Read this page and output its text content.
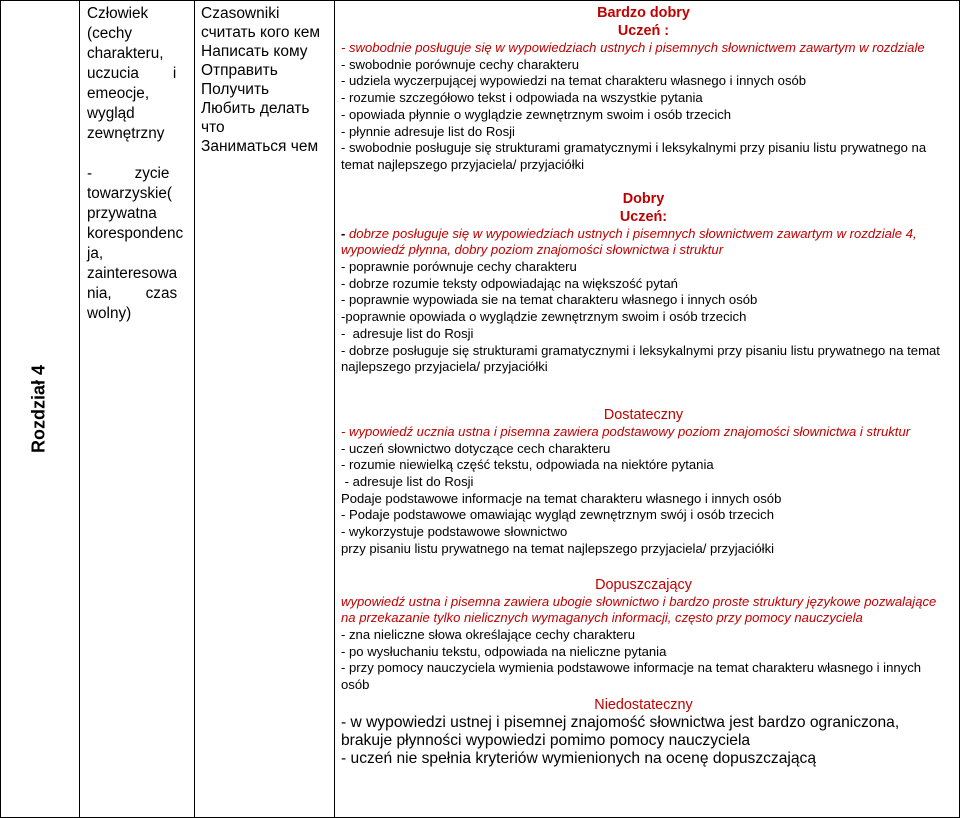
Rozdział 4

Człowiek

(cechy

charakteru,

uczucia        i

emeocje,

wygląd

zewnętrzny

-          zycie

towarzyskie(

przywatna

korespondenc

ja,

zainteresowa

nia,        czas

wolny)

Czasowniki
считать кого кем
Написать кому
Отправить
Получить
Любить делать
что
Заниматься чем

Bardzo dobry

Uczeń :

- swobodnie posługuje się w wypowiedziach ustnych i pisemnych słownictwem zawartym w rozdziale

- swobodnie porównuje cechy charakteru

- udziela wyczerpującej wypowiedzi na temat charakteru własnego i innych osób

- rozumie szczegółowo tekst i odpowiada na wszystkie pytania

- opowiada płynnie o wyglądzie zewnętrznym swoim i osób trzecich

- płynnie adresuje list do Rosji

- swobodnie posługuje się strukturami gramatycznymi i leksykalnymi przy pisaniu listu prywatnego na temat najlepszego przyjaciela/ przyjaciółki

Dobry

Uczeń:

- dobrze posługuje się w wypowiedziach ustnych i pisemnych słownictwem zawartym w rozdziale 4, wypowiedź płynna, dobry poziom znajomości słownictwa i struktur

- poprawnie porównuje cechy charakteru

- dobrze rozumie teksty odpowiadając na większość pytań

- poprawnie wypowiada sie na temat charakteru własnego i innych osób

-poprawnie opowiada o wyglądzie zewnętrznym swoim i osób trzecich

-  adresuje list do Rosji

- dobrze posługuje się strukturami gramatycznymi i leksykalnymi przy pisaniu listu prywatnego na temat najlepszego przyjaciela/ przyjaciółki

Dostateczny

- wypowiedź ucznia ustna i pisemna zawiera podstawowy poziom znajomości słownictwa i struktur

- uczeń słownictwo dotyczące cech charakteru

- rozumie niewielką część tekstu, odpowiada na niektóre pytania

- adresuje list do Rosji

Podaje podstawowe informacje na temat charakteru własnego i innych osób

- Podaje podstawowe omawiając wygląd zewnętrznym swój i osób trzecich

- wykorzystuje podstawowe słownictwo

przy pisaniu listu prywatnego na temat najlepszego przyjaciela/ przyjaciółki

Dopuszczający

wypowiedź ustna i pisemna zawiera ubogie słownictwo i bardzo proste struktury językowe pozwalające na przekazanie tylko nielicznych wymaganych informacji, często przy pomocy nauczyciela

- zna nieliczne słowa określające cechy charakteru

- po wysłuchaniu tekstu, odpowiada na nieliczne pytania

- przy pomocy nauczyciela wymienia podstawowe informacje na temat charakteru własnego i innych osób

Niedostateczny

- w wypowiedzi ustnej i pisemnej znajomość słownictwa jest bardzo ograniczona, brakuje płynności wypowiedzi pomimo pomocy nauczyciela

- uczeń nie spełnia kryteriów wymienionych na ocenę dopuszczającą
